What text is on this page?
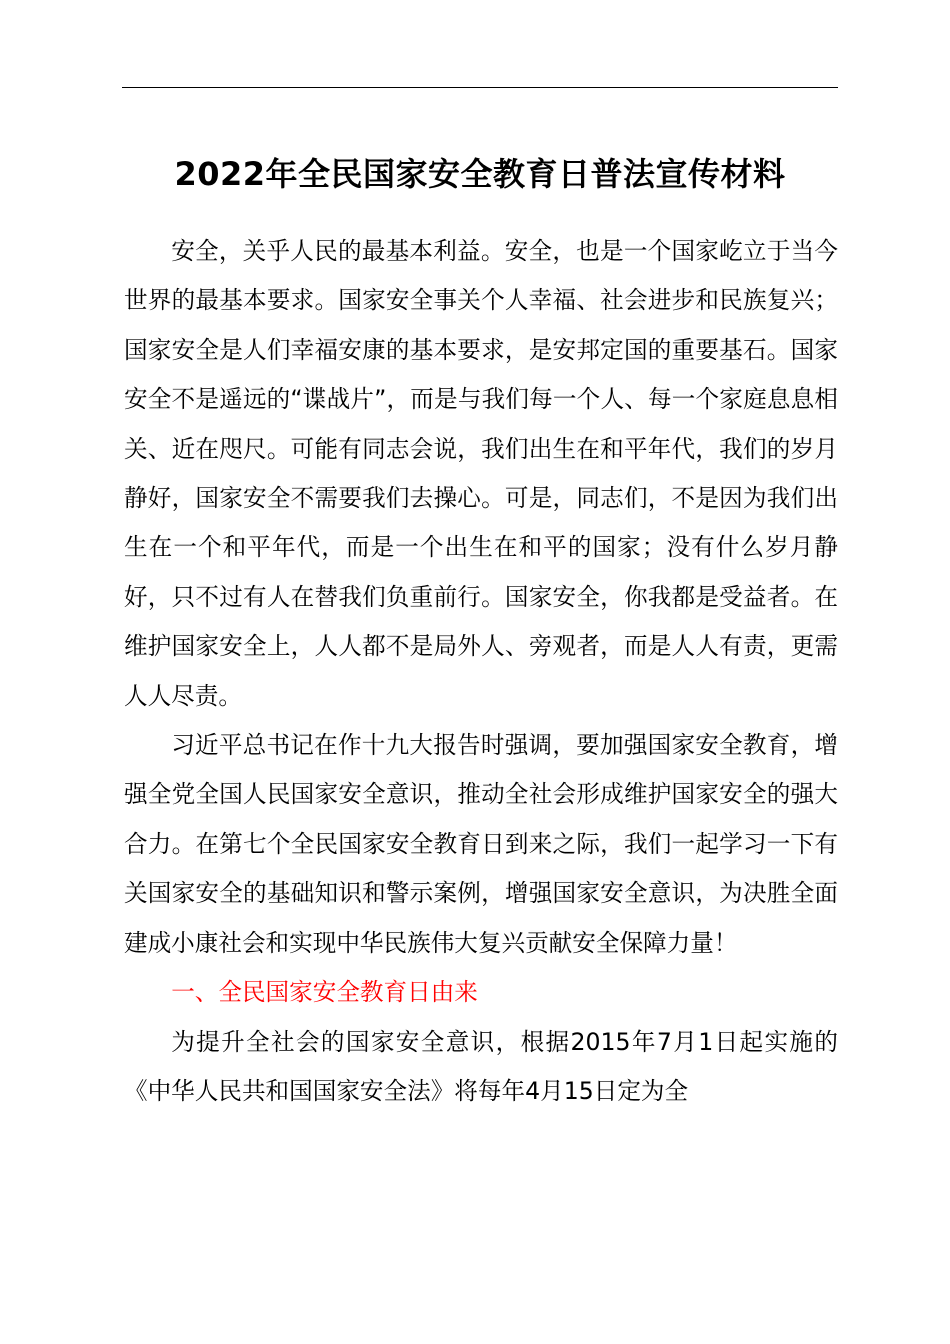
2022年全民国家安全教育日普法宣传材料

安全，关乎人民的最基本利益。安全，也是一个国家屹立于当今世界的最基本要求。国家安全事关个人幸福、社会进步和民族复兴；国家安全是人们幸福安康的基本要求，是安邦定国的重要基石。国家安全不是遥远的“谍战片”，而是与我们每一个人、每一个家庭息息相关、近在咫尺。可能有同志会说，我们出生在和平年代，我们的岁月静好，国家安全不需要我们去操心。可是，同志们，不是因为我们出生在一个和平年代，而是一个出生在和平的国家；没有什么岁月静好，只不过有人在替我们负重前行。国家安全，你我都是受益者。在维护国家安全上，人人都不是局外人、旁观者，而是人人有责，更需人人尽责。

习近平总书记在作十九大报告时强调，要加强国家安全教育，增强全党全国人民国家安全意识，推动全社会形成维护国家安全的强大合力。在第七个全民国家安全教育日到来之际，我们一起学习一下有关国家安全的基础知识和警示案例，增强国家安全意识，为决胜全面建成小康社会和实现中华民族伟大复兴贡献安全保障力量！

一、全民国家安全教育日由来

为提升全社会的国家安全意识，根据2015年7月1日起实施的《中华人民共和国国家安全法》将每年4月15日定为全
